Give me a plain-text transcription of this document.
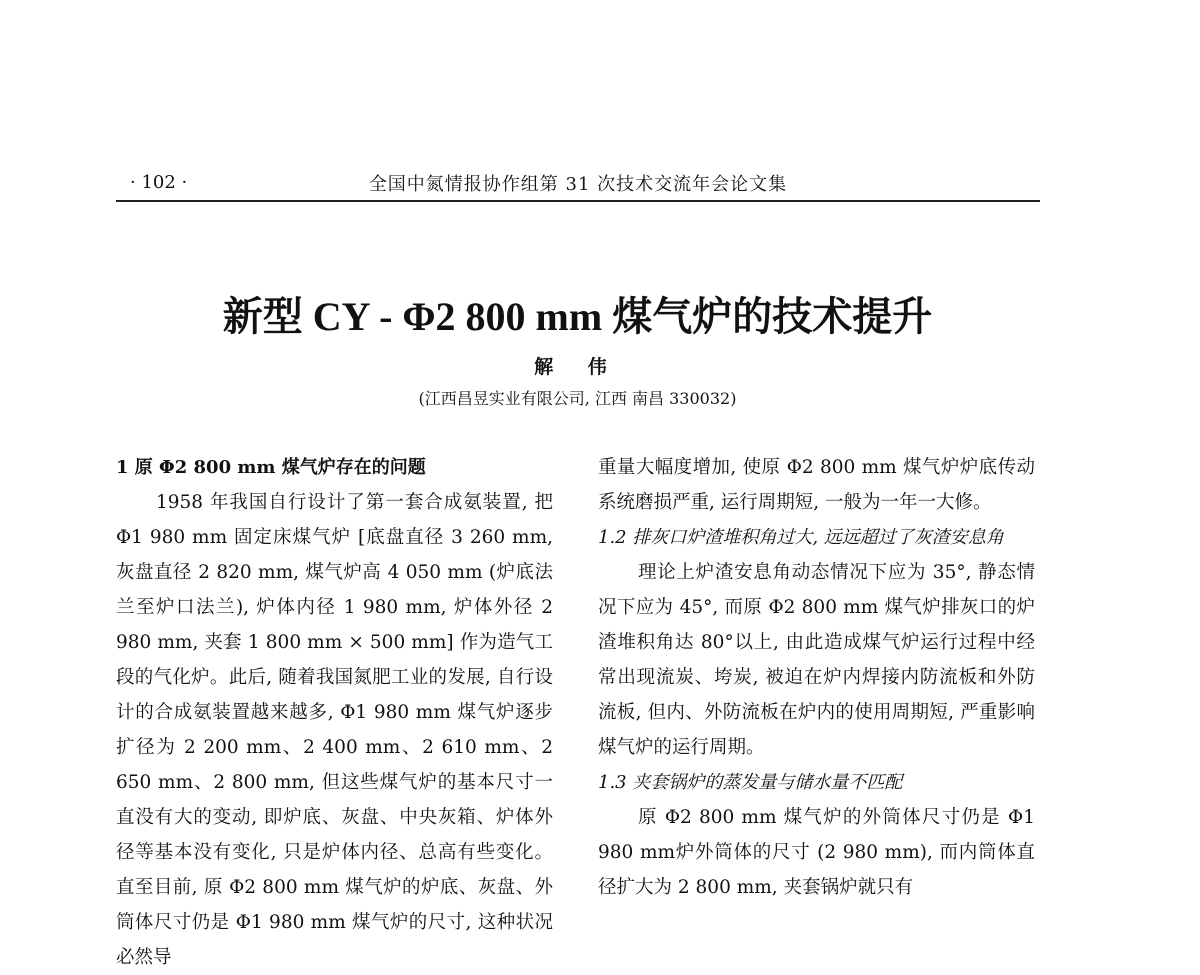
· 102 ·	全国中氮情报协作组第 31 次技术交流年会论文集
新型 CY - Φ2 800 mm 煤气炉的技术提升
解 伟
(江西昌昱实业有限公司, 江西 南昌 330032)

1 原 Φ2 800 mm 煤气炉存在的问题

1958 年我国自行设计了第一套合成氨装置, 把 Φ1 980 mm 固定床煤气炉 [底盘直径 3 260 mm, 灰盘直径 2 820 mm, 煤气炉高 4 050 mm (炉底法兰至炉口法兰), 炉体内径 1 980 mm, 炉体外径 2 980 mm, 夹套 1 800 mm × 500 mm] 作为造气工段的气化炉。此后, 随着我国氮肥工业的发展, 自行设计的合成氨装置越来越多, Φ1 980 mm 煤气炉逐步扩径为 2 200 mm、2 400 mm、2 610 mm、2 650 mm、2 800 mm, 但这些煤气炉的基本尺寸一直没有大的变动, 即炉底、灰盘、中央灰箱、炉体外径等基本没有变化, 只是炉体内径、总高有些变化。直至目前, 原 Φ2 800 mm 煤气炉的炉底、灰盘、外筒体尺寸仍是 Φ1 980 mm 煤气炉的尺寸, 这种状况必然导

重量大幅度增加, 使原 Φ2 800 mm 煤气炉炉底传动系统磨损严重, 运行周期短, 一般为一年一大修。

1.2 排灰口炉渣堆积角过大, 远远超过了灰渣安息角

理论上炉渣安息角动态情况下应为 35°, 静态情况下应为 45°, 而原 Φ2 800 mm 煤气炉排灰口的炉渣堆积角达 80°以上, 由此造成煤气炉运行过程中经常出现流炭、垮炭, 被迫在炉内焊接内防流板和外防流板, 但内、外防流板在炉内的使用周期短, 严重影响煤气炉的运行周期。

1.3 夹套锅炉的蒸发量与储水量不匹配

原 Φ2 800 mm 煤气炉的外筒体尺寸仍是 Φ1 980 mm炉外筒体的尺寸 (2 980 mm), 而内筒体直径扩大为 2 800 mm, 夹套锅炉就只有
